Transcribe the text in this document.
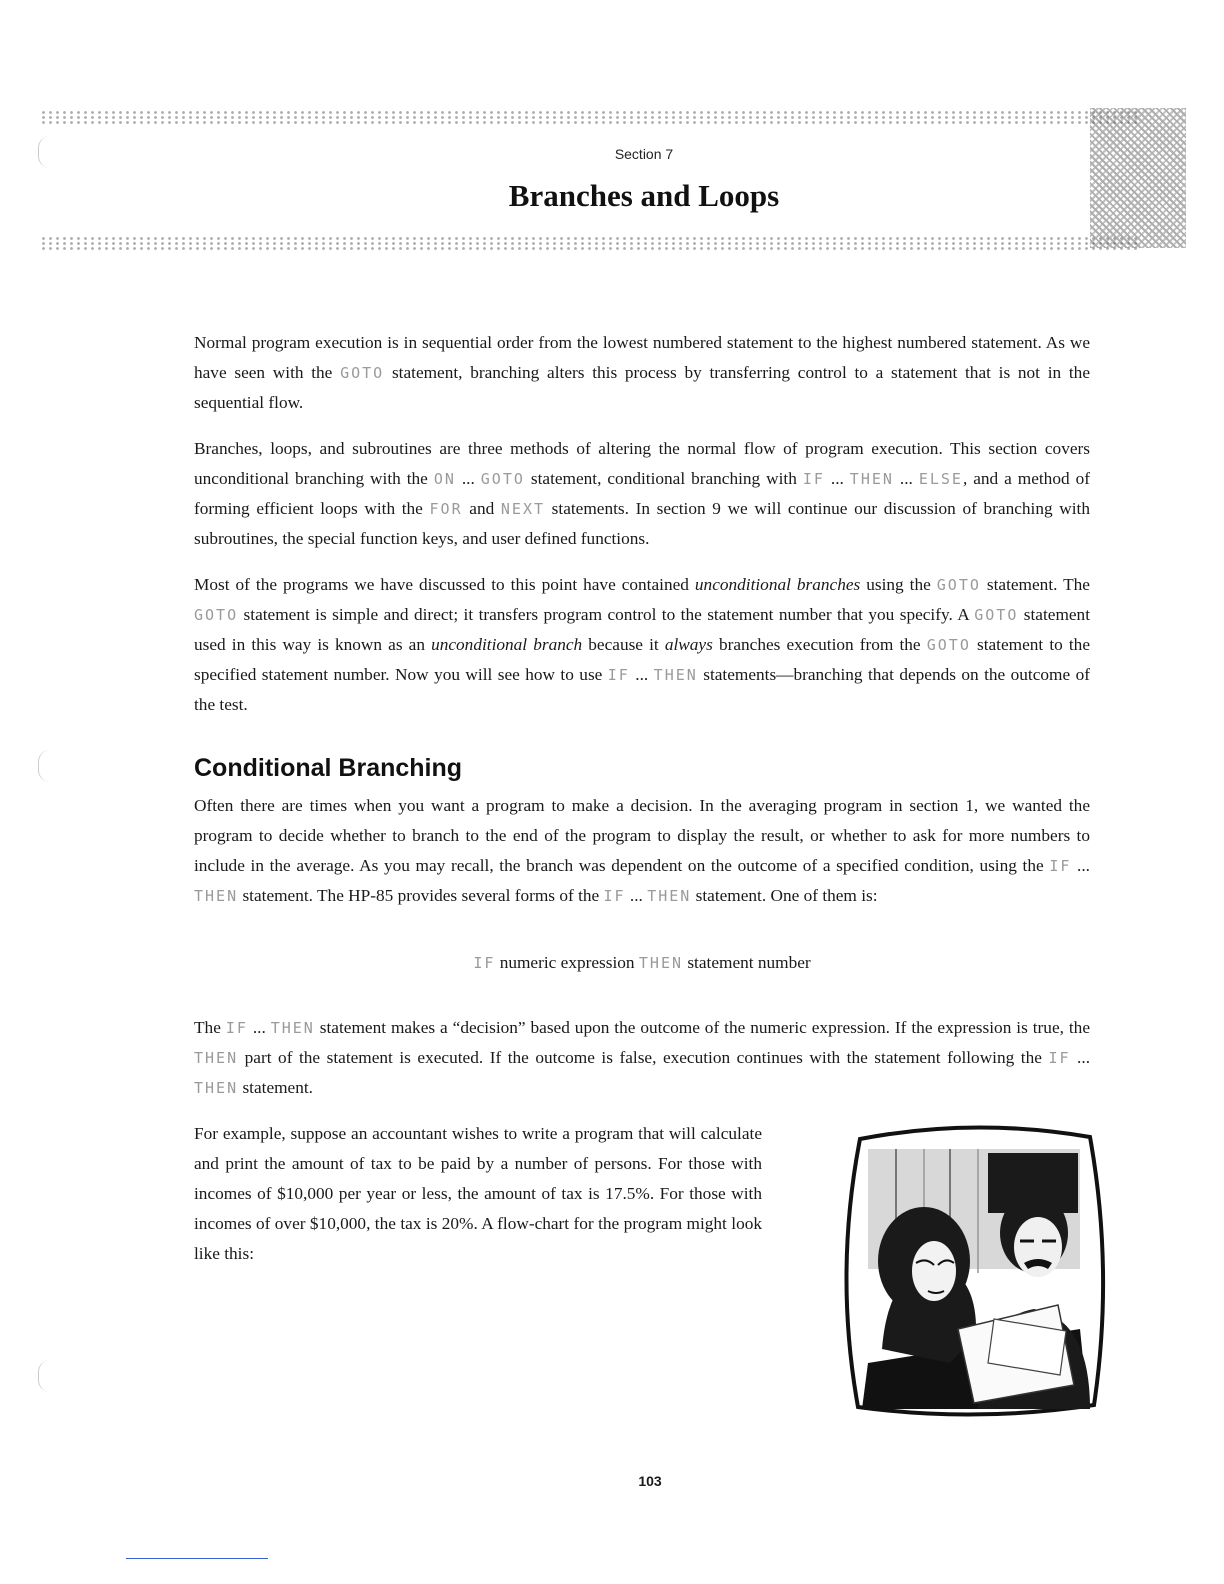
Section 7
Branches and Loops

Normal program execution is in sequential order from the lowest numbered statement to the highest numbered statement. As we have seen with the GOTO statement, branching alters this process by transferring control to a statement that is not in the sequential flow.

Branches, loops, and subroutines are three methods of altering the normal flow of program execution. This section covers unconditional branching with the ON ... GOTO statement, conditional branching with IF ... THEN ... ELSE, and a method of forming efficient loops with the FOR and NEXT statements. In section 9 we will continue our discussion of branching with subroutines, the special function keys, and user defined functions.

Most of the programs we have discussed to this point have contained unconditional branches using the GOTO statement. The GOTO statement is simple and direct; it transfers program control to the statement number that you specify. A GOTO statement used in this way is known as an unconditional branch because it always branches execution from the GOTO statement to the specified statement number. Now you will see how to use IF ... THEN statements—branching that depends on the outcome of the test.

Conditional Branching

Often there are times when you want a program to make a decision. In the averaging program in section 1, we wanted the program to decide whether to branch to the end of the program to display the result, or whether to ask for more numbers to include in the average. As you may recall, the branch was dependent on the outcome of a specified condition, using the IF ... THEN statement. The HP-85 provides several forms of the IF ... THEN statement. One of them is:

IF numeric expression THEN statement number

The IF ... THEN statement makes a “decision” based upon the outcome of the numeric expression. If the expression is true, the THEN part of the statement is executed. If the outcome is false, execution continues with the statement following the IF ... THEN statement.

For example, suppose an accountant wishes to write a program that will calculate and print the amount of tax to be paid by a number of persons. For those with incomes of $10,000 per year or less, the amount of tax is 17.5%. For those with incomes of over $10,000, the tax is 20%. A flow-chart for the program might look like this:

103
